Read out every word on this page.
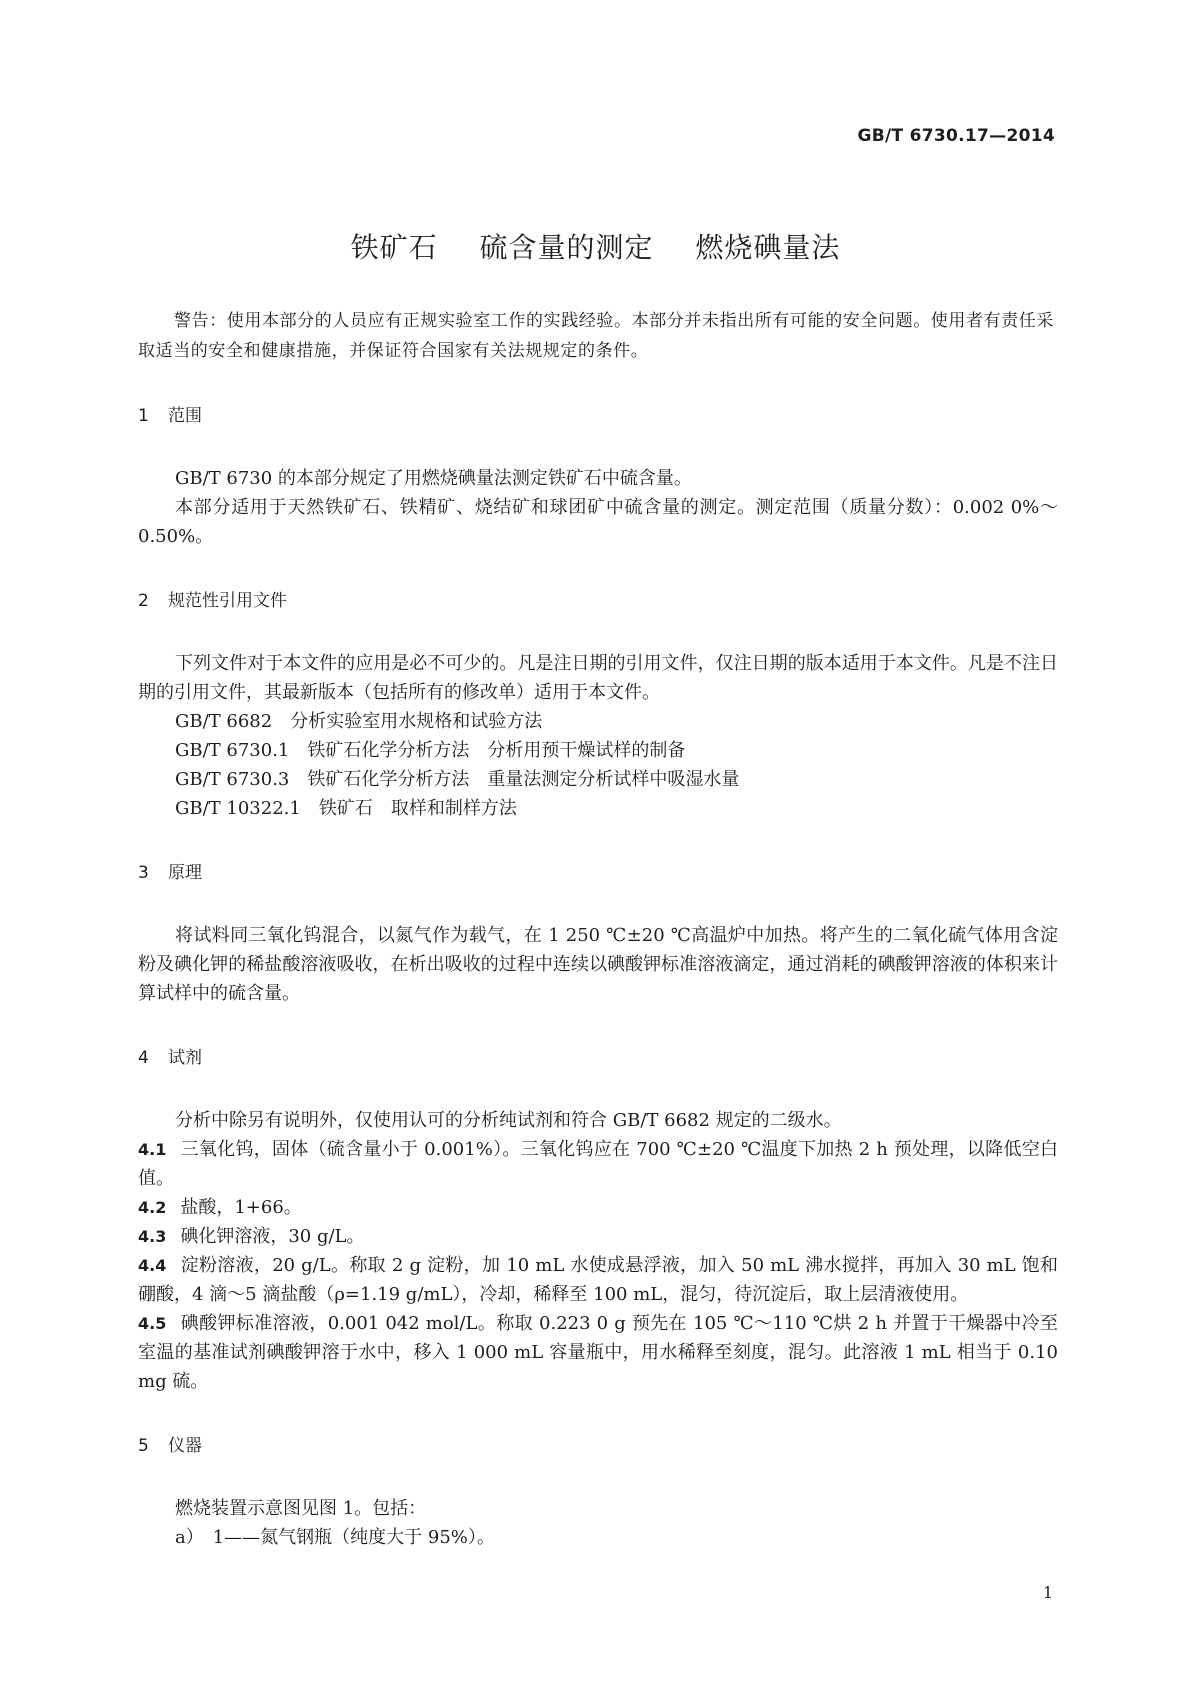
GB/T 6730.17—2014
铁矿石 硫含量的测定 燃烧碘量法

警告：使用本部分的人员应有正规实验室工作的实践经验。本部分并未指出所有可能的安全问题。使用者有责任采取适当的安全和健康措施，并保证符合国家有关法规规定的条件。

1 范围

GB/T 6730 的本部分规定了用燃烧碘量法测定铁矿石中硫含量。

本部分适用于天然铁矿石、铁精矿、烧结矿和球团矿中硫含量的测定。测定范围（质量分数）：0.002 0%～0.50%。

2 规范性引用文件

下列文件对于本文件的应用是必不可少的。凡是注日期的引用文件，仅注日期的版本适用于本文件。凡是不注日期的引用文件，其最新版本（包括所有的修改单）适用于本文件。

GB/T 6682　分析实验室用水规格和试验方法

GB/T 6730.1　铁矿石化学分析方法　分析用预干燥试样的制备

GB/T 6730.3　铁矿石化学分析方法　重量法测定分析试样中吸湿水量

GB/T 10322.1　铁矿石　取样和制样方法

3 原理

将试料同三氧化钨混合，以氮气作为载气，在 1 250 ℃±20 ℃高温炉中加热。将产生的二氧化硫气体用含淀粉及碘化钾的稀盐酸溶液吸收，在析出吸收的过程中连续以碘酸钾标准溶液滴定，通过消耗的碘酸钾溶液的体积来计算试样中的硫含量。

4 试剂

分析中除另有说明外，仅使用认可的分析纯试剂和符合 GB/T 6682 规定的二级水。

4.1 三氧化钨，固体（硫含量小于 0.001%）。三氧化钨应在 700 ℃±20 ℃温度下加热 2 h 预处理，以降低空白值。

4.2 盐酸，1+66。

4.3 碘化钾溶液，30 g/L。

4.4 淀粉溶液，20 g/L。称取 2 g 淀粉，加 10 mL 水使成悬浮液，加入 50 mL 沸水搅拌，再加入 30 mL 饱和硼酸，4 滴～5 滴盐酸（ρ=1.19 g/mL），冷却，稀释至 100 mL，混匀，待沉淀后，取上层清液使用。

4.5 碘酸钾标准溶液，0.001 042 mol/L。称取 0.223 0 g 预先在 105 ℃～110 ℃烘 2 h 并置于干燥器中冷至室温的基准试剂碘酸钾溶于水中，移入 1 000 mL 容量瓶中，用水稀释至刻度，混匀。此溶液 1 mL 相当于 0.10 mg 硫。

5 仪器

燃烧装置示意图见图 1。包括：

a）　1——氮气钢瓶（纯度大于 95%）。

1
